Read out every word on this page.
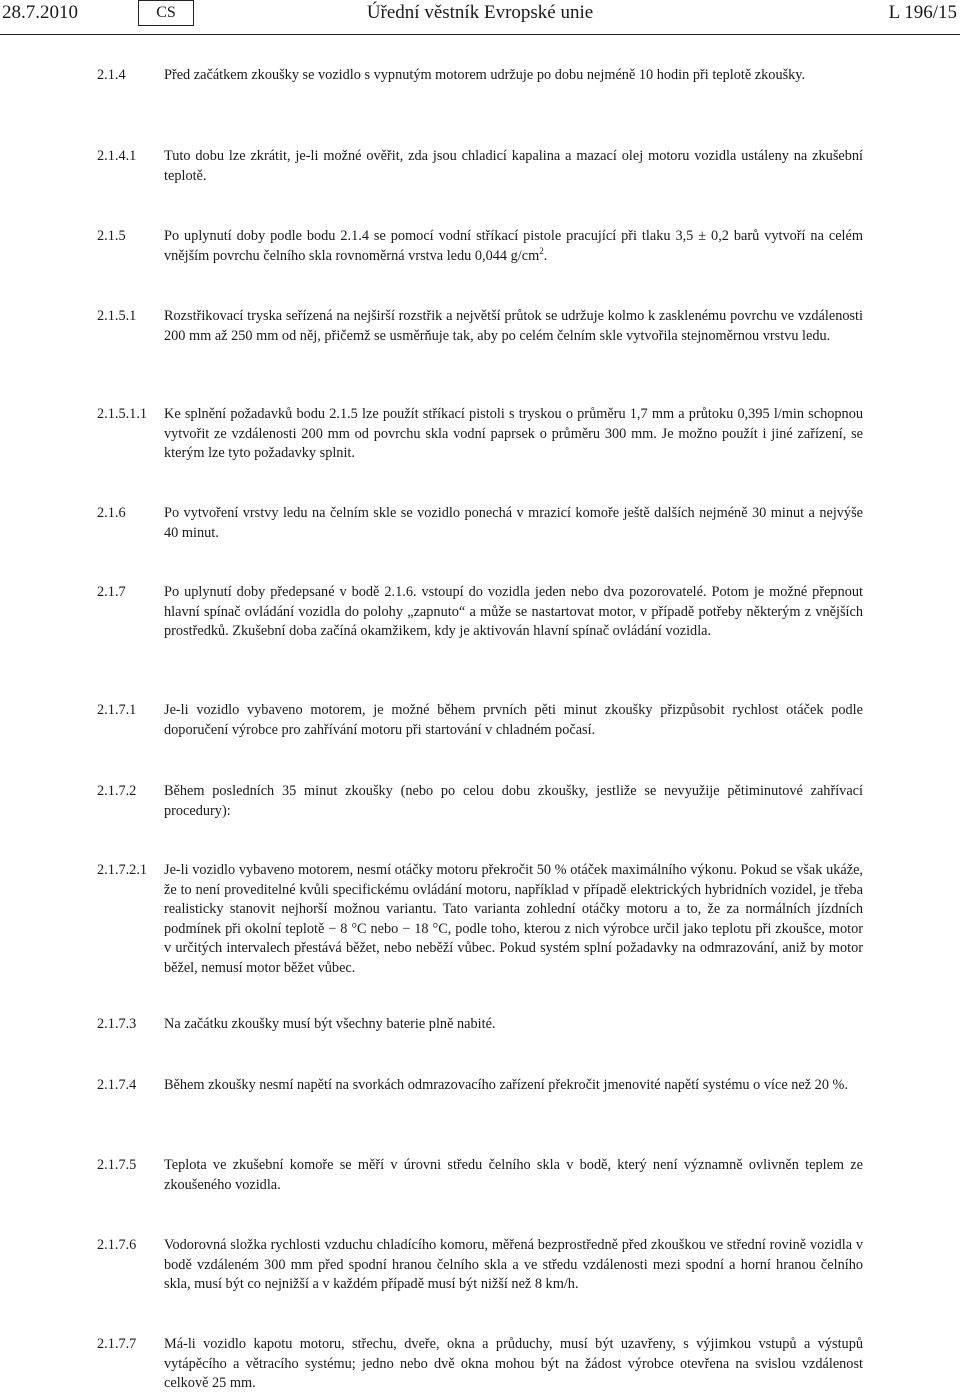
28.7.2010	CS	Úřední věstník Evropské unie	L 196/15
2.1.4	Před začátkem zkoušky se vozidlo s vypnutým motorem udržuje po dobu nejméně 10 hodin při teplotě zkoušky.
2.1.4.1	Tuto dobu lze zkrátit, je-li možné ověřit, zda jsou chladicí kapalina a mazací olej motoru vozidla ustáleny na zkušební teplotě.
2.1.5	Po uplynutí doby podle bodu 2.1.4 se pomocí vodní stříkací pistole pracující při tlaku 3,5 ± 0,2 barů vytvoří na celém vnějším povrchu čelního skla rovnoměrná vrstva ledu 0,044 $g/cm^2$.
2.1.5.1	Rozstřikovací tryska seřízená na nejširší rozstřik a největší průtok se udržuje kolmo k zasklenému povrchu ve vzdálenosti 200 mm až 250 mm od něj, přičemž se usměrňuje tak, aby po celém čelním skle vytvořila stejnoměrnou vrstvu ledu.
2.1.5.1.1	Ke splnění požadavků bodu 2.1.5 lze použít stříkací pistoli s tryskou o průměru 1,7 mm a průtoku 0,395 l/min schopnou vytvořit ze vzdálenosti 200 mm od povrchu skla vodní paprsek o průměru 300 mm. Je možno použít i jiné zařízení, se kterým lze tyto požadavky splnit.
2.1.6	Po vytvoření vrstvy ledu na čelním skle se vozidlo ponechá v mrazicí komoře ještě dalších nejméně 30 minut a nejvýše 40 minut.
2.1.7	Po uplynutí doby předepsané v bodě 2.1.6. vstoupí do vozidla jeden nebo dva pozorovatelé. Potom je možné přepnout hlavní spínač ovládání vozidla do polohy „zapnuto“ a může se nastartovat motor, v případě potřeby některým z vnějších prostředků. Zkušební doba začíná okamžikem, kdy je aktivován hlavní spínač ovládání vozidla.
2.1.7.1	Je-li vozidlo vybaveno motorem, je možné během prvních pěti minut zkoušky přizpůsobit rychlost otáček podle doporučení výrobce pro zahřívání motoru při startování v chladném počasí.
2.1.7.2	Během posledních 35 minut zkoušky (nebo po celou dobu zkoušky, jestliže se nevyužije pětiminutové zahřívací procedury):
2.1.7.2.1	Je-li vozidlo vybaveno motorem, nesmí otáčky motoru překročit 50 % otáček maximálního výkonu. Pokud se však ukáže, že to není proveditelné kvůli specifickému ovládání motoru, například v případě elektrických hybridních vozidel, je třeba realisticky stanovit nejhorší možnou variantu. Tato varianta zohlední otáčky motoru a to, že za normálních jízdních podmínek při okolní teplotě − 8 °C nebo − 18 °C, podle toho, kterou z nich výrobce určil jako teplotu při zkoušce, motor v určitých intervalech přestává běžet, nebo neběží vůbec. Pokud systém splní požadavky na odmrazování, aniž by motor běžel, nemusí motor běžet vůbec.
2.1.7.3	Na začátku zkoušky musí být všechny baterie plně nabité.
2.1.7.4	Během zkoušky nesmí napětí na svorkách odmrazovacího zařízení překročit jmenovité napětí systému o více než 20 %.
2.1.7.5	Teplota ve zkušební komoře se měří v úrovni středu čelního skla v bodě, který není významně ovlivněn teplem ze zkoušeného vozidla.
2.1.7.6	Vodorovná složka rychlosti vzduchu chladícího komoru, měřená bezprostředně před zkouškou ve střední rovině vozidla v bodě vzdáleném 300 mm před spodní hranou čelního skla a ve středu vzdálenosti mezi spodní a horní hranou čelního skla, musí být co nejnižší a v každém případě musí být nižší než 8 km/h.
2.1.7.7	Má-li vozidlo kapotu motoru, střechu, dveře, okna a průduchy, musí být uzavřeny, s výjimkou vstupů a výstupů vytápěcího a větracího systému; jedno nebo dvě okna mohou být na žádost výrobce otevřena na svislou vzdálenost celkově 25 mm.
